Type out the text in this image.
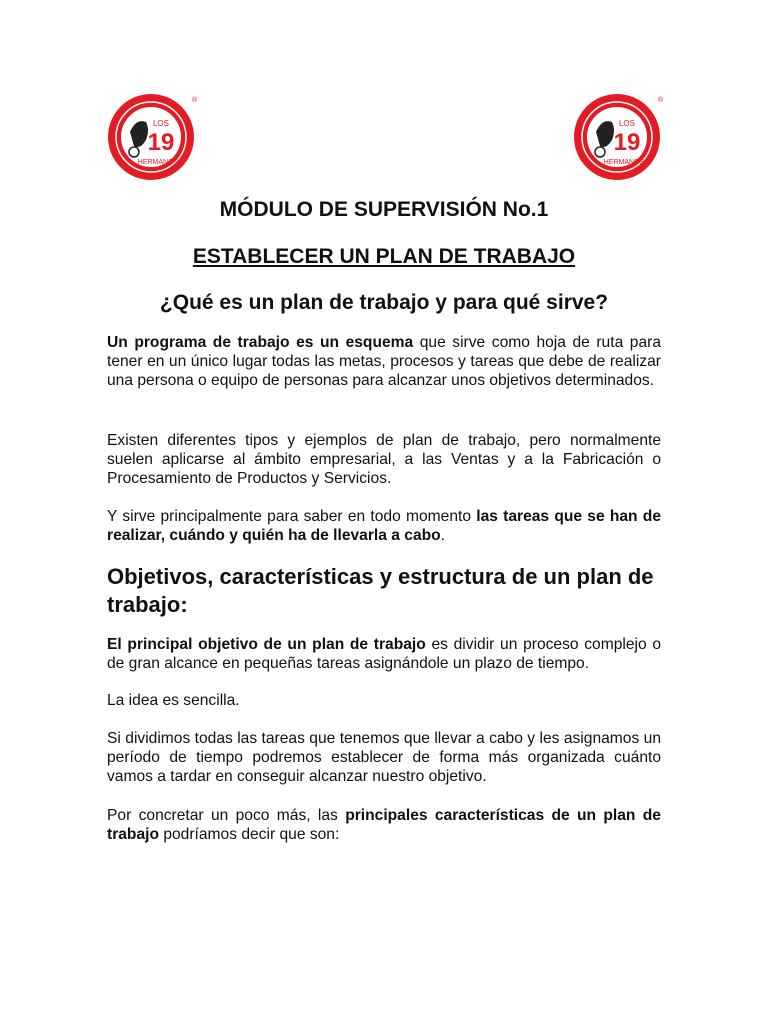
LOS
19
HERMANOS
®
LOS
19
HERMANOS
®
MÓDULO DE SUPERVISIÓN No.1
ESTABLECER UN PLAN DE TRABAJO
¿Qué es un plan de trabajo y para qué sirve?

Un programa de trabajo es un esquema que sirve como hoja de ruta para tener en un único lugar todas las metas, procesos y tareas que debe de realizar una persona o equipo de personas para alcanzar unos objetivos determinados.

Existen diferentes tipos y ejemplos de plan de trabajo, pero normalmente suelen aplicarse al ámbito empresarial, a las Ventas y a la Fabricación o Procesamiento de Productos y Servicios.

Y sirve principalmente para saber en todo momento las tareas que se han de realizar, cuándo y quién ha de llevarla a cabo.

Objetivos, características y estructura de un plan de trabajo:

El principal objetivo de un plan de trabajo es dividir un proceso complejo o de gran alcance en pequeñas tareas asignándole un plazo de tiempo.

La idea es sencilla.

Si dividimos todas las tareas que tenemos que llevar a cabo y les asignamos un período de tiempo podremos establecer de forma más organizada cuánto vamos a tardar en conseguir alcanzar nuestro objetivo.

Por concretar un poco más, las principales características de un plan de trabajo podríamos decir que son:
